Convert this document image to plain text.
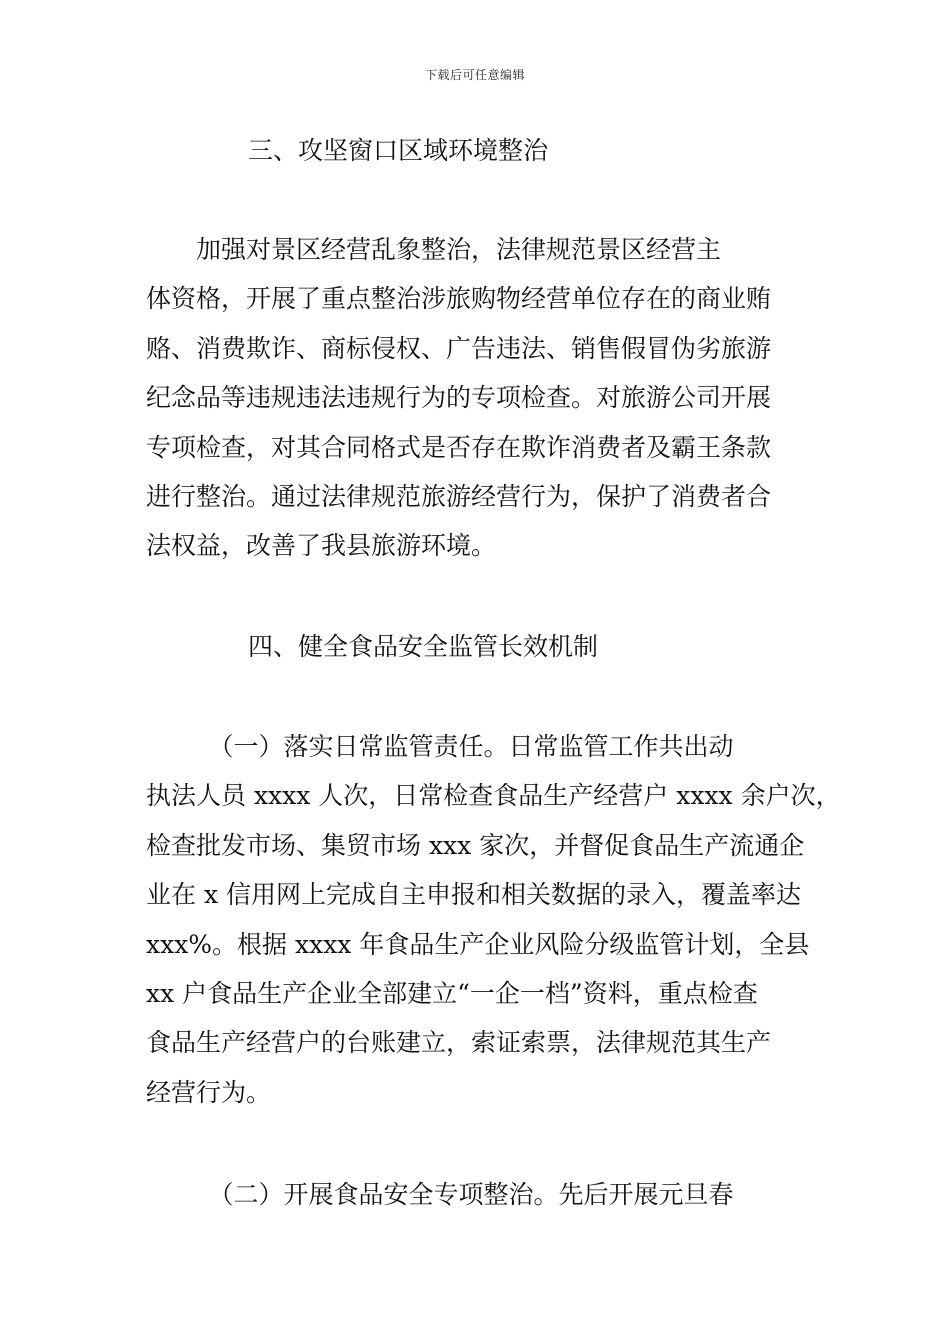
下载后可任意编辑
三、攻坚窗口区域环境整治
　　加强对景区经营乱象整治，法律规范景区经营主
体资格，开展了重点整治涉旅购物经营单位存在的商业贿
赂、消费欺诈、商标侵权、广告违法、销售假冒伪劣旅游
纪念品等违规违法违规行为的专项检查。对旅游公司开展
专项检查，对其合同格式是否存在欺诈消费者及霸王条款
进行整治。通过法律规范旅游经营行为，保护了消费者合
法权益，改善了我县旅游环境。
四、健全食品安全监管长效机制
　　　（一）落实日常监管责任。日常监管工作共出动
执法人员 xxxx 人次，日常检查食品生产经营户 xxxx 余户次，
检查批发市场、集贸市场 xxx 家次，并督促食品生产流通企
业在 x 信用网上完成自主申报和相关数据的录入，覆盖率达
xxx%。根据 xxxx 年食品生产企业风险分级监管计划，全县
xx 户食品生产企业全部建立“一企一档”资料，重点检查
食品生产经营户的台账建立，索证索票，法律规范其生产
经营行为。
　　　（二）开展食品安全专项整治。先后开展元旦春
